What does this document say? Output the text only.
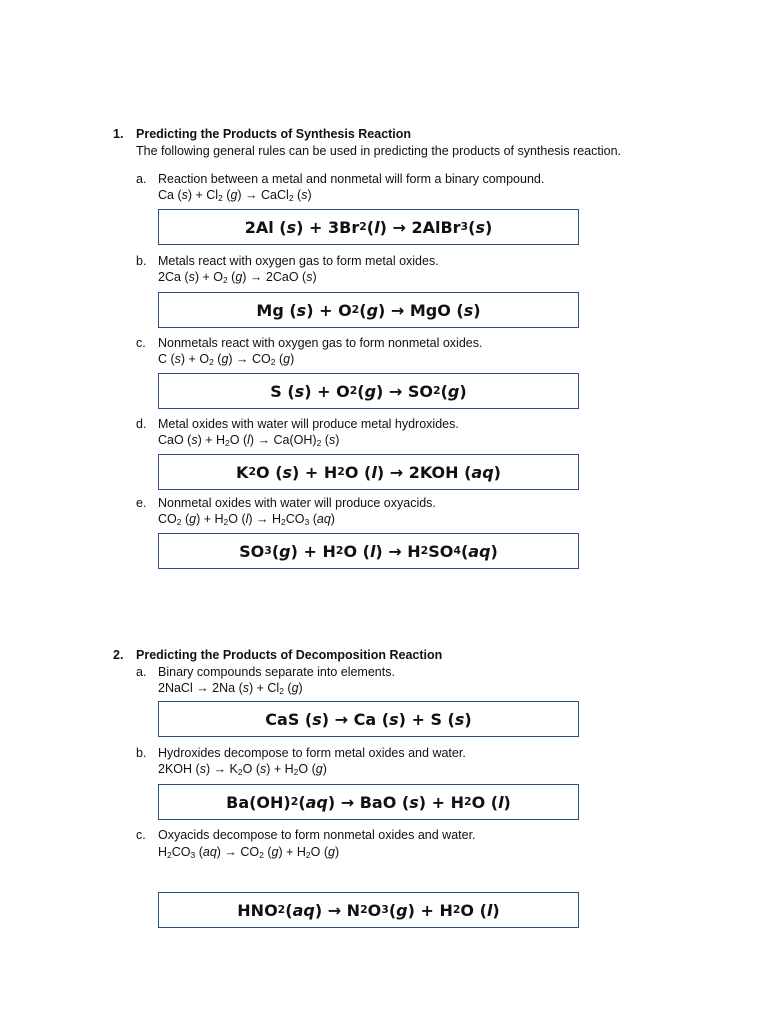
1. Predicting the Products of Synthesis Reaction
The following general rules can be used in predicting the products of synthesis reaction.
a. Reaction between a metal and nonmetal will form a binary compound.
Ca $(s) + Cl_2$ (g) → CaCl$_2$ (s)
2Al ( s ) + 3Br 2 ( l ) → 2AlBr 3 ( s )
b. Metals react with oxygen gas to form metal oxides.
2Ca $(s) + O_2$ (g) → 2CaO (s)
Mg ( s ) + O 2 ( g ) → MgO ( s )
c. Nonmetals react with oxygen gas to form nonmetal oxides.
C $(s) + O_2$ $(g) \to CO_2$ (g)
S ( s ) + O 2 ( g ) → SO 2 ( g )
d. Metal oxides with water will produce metal hydroxides.
CaO $(s) + H_2O$ $(l) \to Ca(OH)_2$ (s)
K 2 O ( s ) + H 2 O ( l ) → 2KOH ( aq )
e. Nonmetal oxides with water will produce oxyacids.
$CO_2$ $(g) + H_2O$ $(l) \to H_2CO_3$ (aq)
SO 3 ( g ) + H 2 O ( l ) → H 2 SO 4 ( aq )
2. Predicting the Products of Decomposition Reaction
a. Binary compounds separate into elements.
2NaCl → 2Na $(s) + Cl_2$ (g)
CaS ( s ) → Ca ( s ) + S ( s )
b. Hydroxides decompose to form metal oxides and water.
2KOH $(s) \to K_2O$ $(s) + H_2O$ (g)
Ba(OH) 2 ( aq ) → BaO ( s ) + H 2 O ( l )
c. Oxyacids decompose to form nonmetal oxides and water.
$H_2CO_3$ $(aq) \to CO_2$ $(g) + H_2O$ (g)
HNO 2 ( aq ) → N 2 O 3 ( g ) + H 2 O ( l )
